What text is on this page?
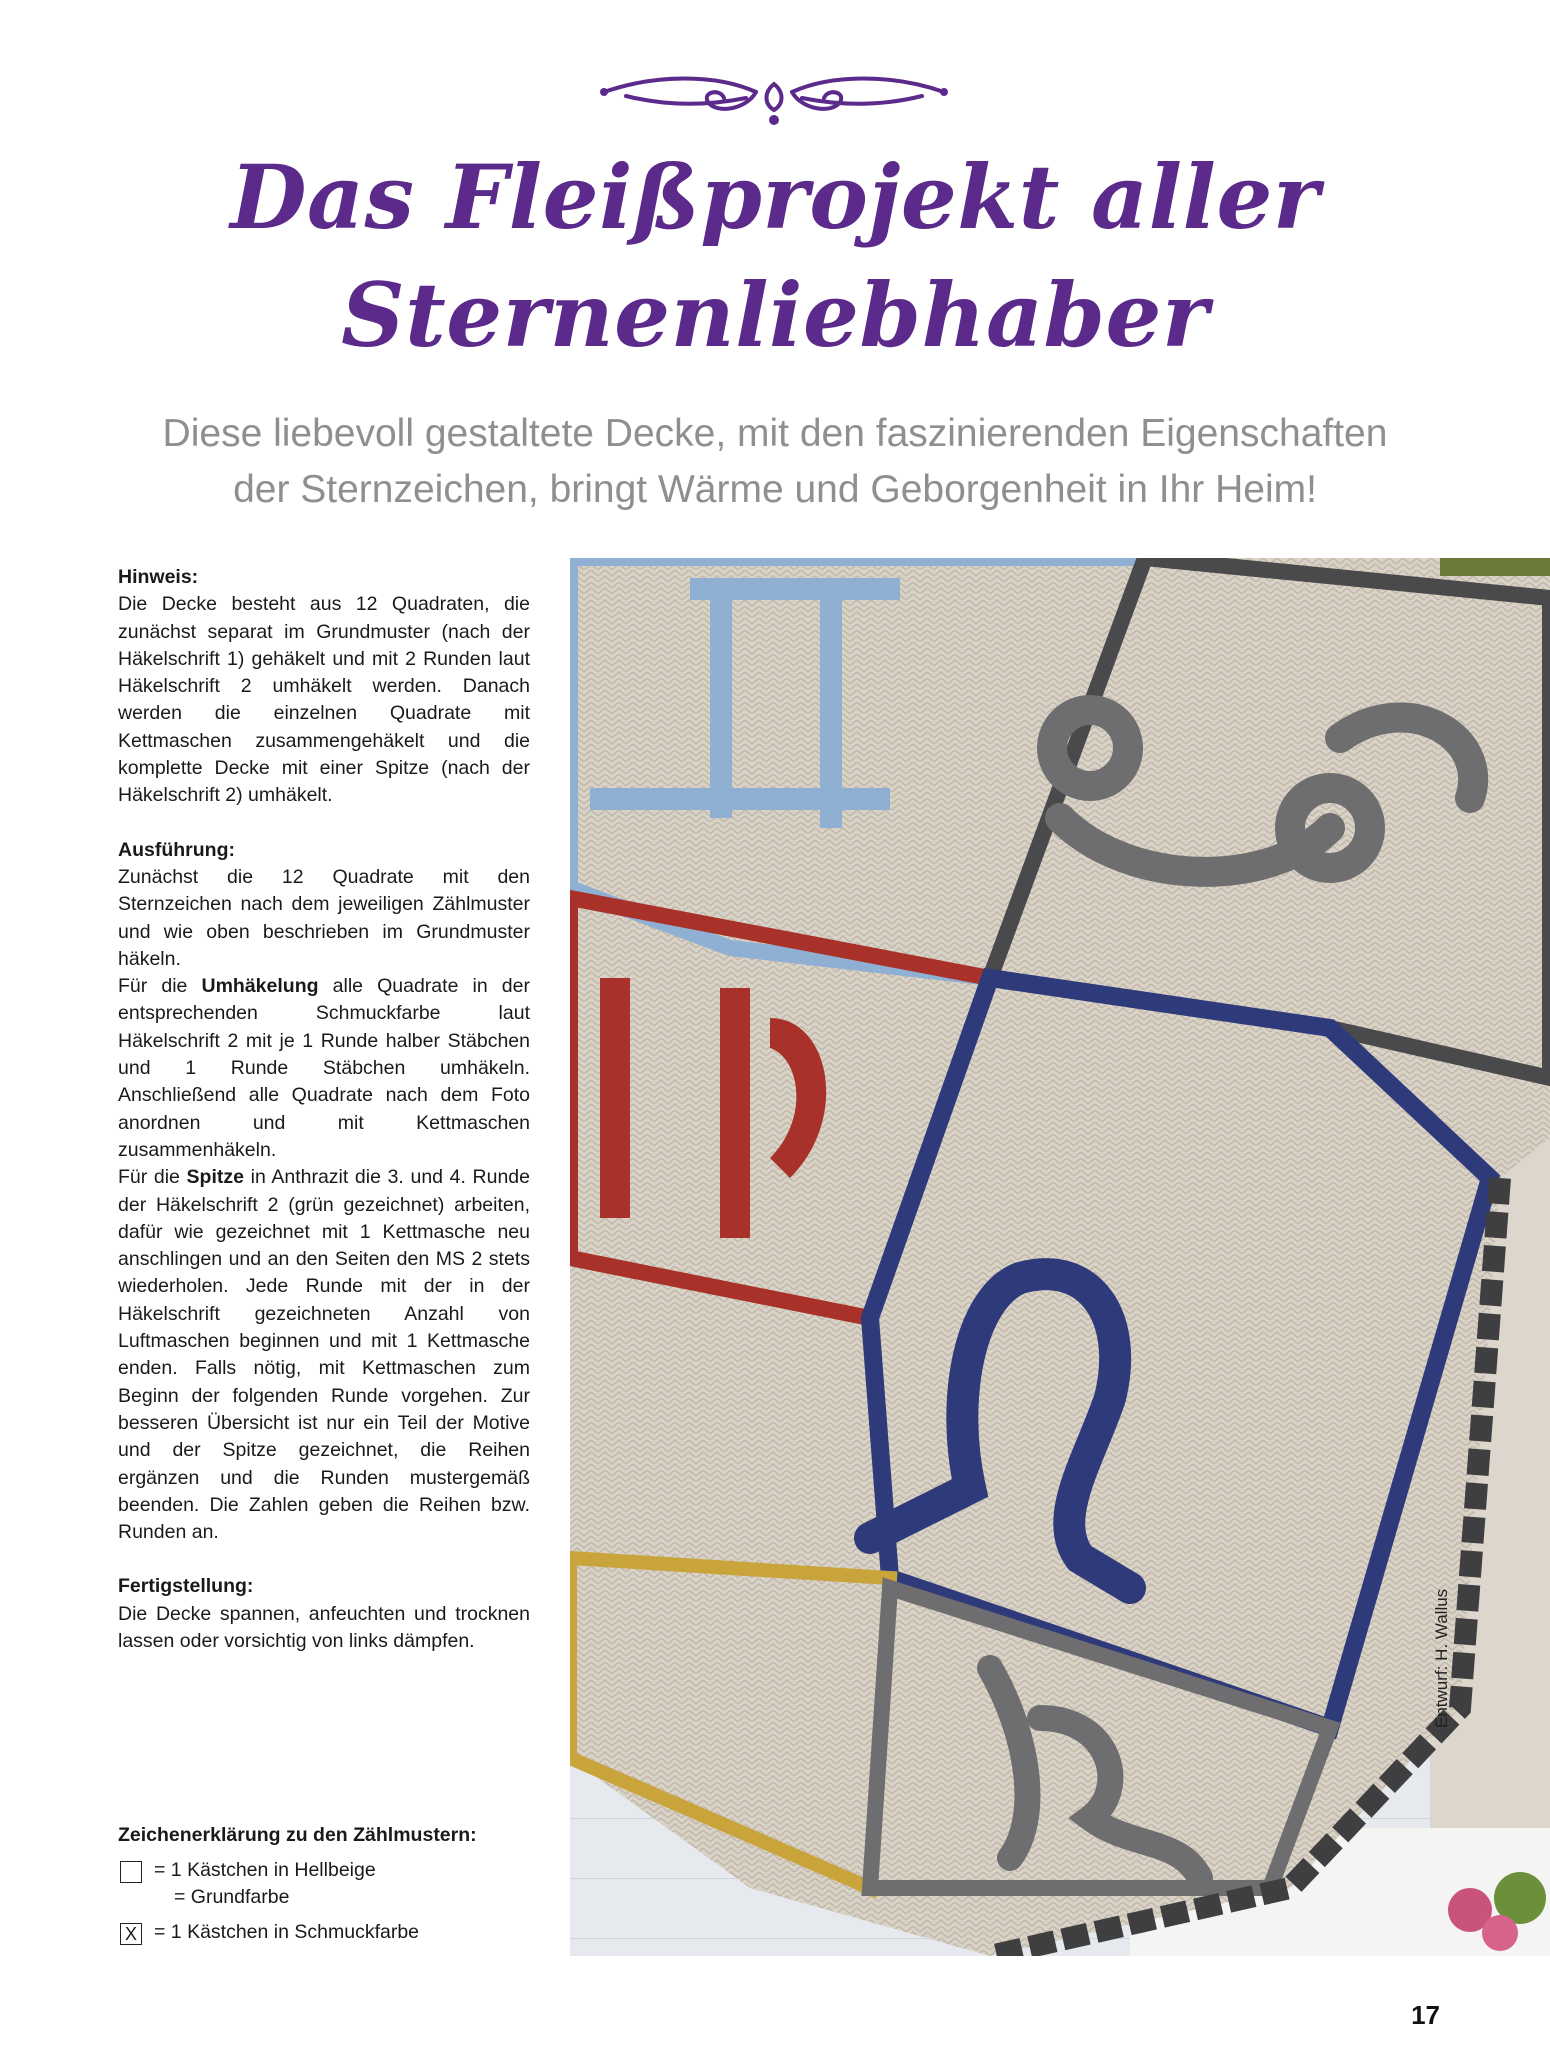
Das Fleißprojekt aller
Sternenliebhaber

Diese liebevoll gestaltete Decke, mit den faszinierenden Eigenschaften
der Sternzeichen, bringt Wärme und Geborgenheit in Ihr Heim!

Hinweis:

Die Decke besteht aus 12 Quadraten, die zunächst separat im Grundmuster (nach der Häkelschrift 1) gehäkelt und mit 2 Runden laut Häkelschrift 2 umhäkelt werden. Danach werden die einzelnen Quadrate mit Kettmaschen zusammengehäkelt und die komplette Decke mit einer Spitze (nach der Häkelschrift 2) umhäkelt.

Ausführung:

Zunächst die 12 Quadrate mit den Sternzeichen nach dem jeweiligen Zählmuster und wie oben beschrieben im Grundmuster häkeln.
Für die Umhäkelung alle Quadrate in der entsprechenden Schmuckfarbe laut Häkelschrift 2 mit je 1 Runde halber Stäbchen und 1 Runde Stäbchen umhäkeln. Anschließend alle Quadrate nach dem Foto anordnen und mit Kettmaschen zusammenhäkeln.
Für die Spitze in Anthrazit die 3. und 4. Runde der Häkelschrift 2 (grün gezeichnet) arbeiten, dafür wie gezeichnet mit 1 Kettmasche neu anschlingen und an den Seiten den MS 2 stets wiederholen. Jede Runde mit der in der Häkelschrift gezeichneten Anzahl von Luftmaschen beginnen und mit 1 Kettmasche enden. Falls nötig, mit Kettmaschen zum Beginn der folgenden Runde vorgehen. Zur besseren Übersicht ist nur ein Teil der Motive und der Spitze gezeichnet, die Reihen ergänzen und die Runden mustergemäß beenden. Die Zahlen geben die Reihen bzw. Runden an.

Fertigstellung:

Die Decke spannen, anfeuchten und trocknen lassen oder vorsichtig von links dämpfen.

Zeichenerklärung zu den Zählmustern:
= 1 Kästchen in Hellbeige
= Grundfarbe
X = 1 Kästchen in Schmuckfarbe
Entwurf: H. Wallus
17
